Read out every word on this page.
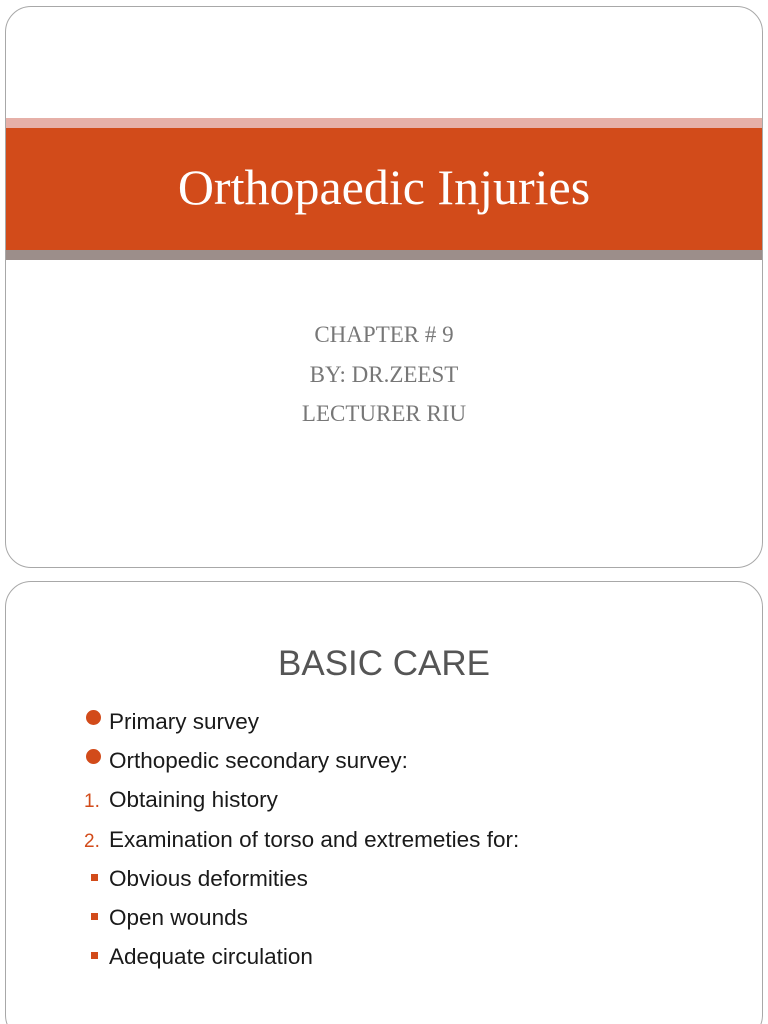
Orthopaedic Injuries
CHAPTER # 9
BY: DR.ZEEST
LECTURER RIU
BASIC CARE
Primary survey
Orthopedic secondary survey:
1. Obtaining history
2. Examination of torso and extremeties for:
Obvious deformities
Open wounds
Adequate circulation
